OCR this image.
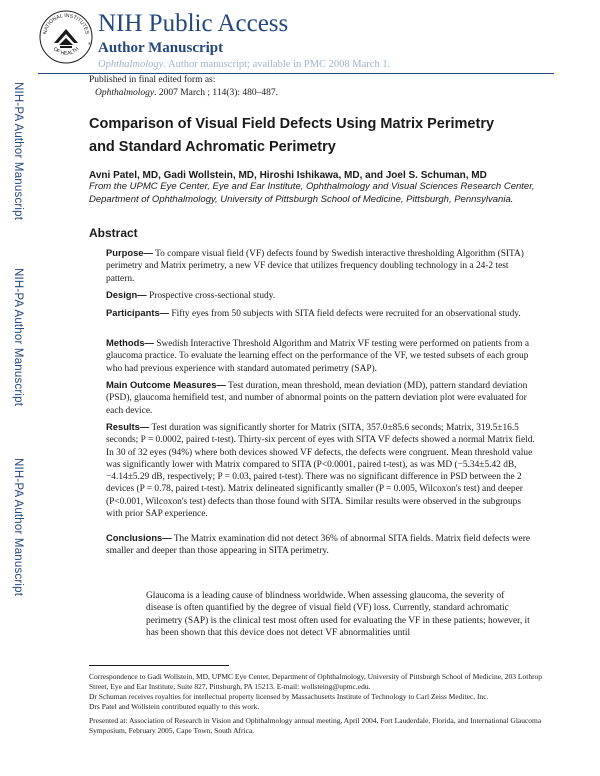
NIH-PA Author Manuscript
NIH-PA Author Manuscript
NIH-PA Author Manuscript
NATIONAL INSTITUTES
OF HEALTH
®
NIH Public Access
Author Manuscript
Ophthalmology. Author manuscript; available in PMC 2008 March 1.
Published in final edited form as:
Ophthalmology. 2007 March ; 114(3): 480–487.
Comparison of Visual Field Defects Using Matrix Perimetry and Standard Achromatic Perimetry
Avni Patel, MD, Gadi Wollstein, MD, Hiroshi Ishikawa, MD, and Joel S. Schuman, MD
From the UPMC Eye Center, Eye and Ear Institute, Ophthalmology and Visual Sciences Research Center, Department of Ophthalmology, University of Pittsburgh School of Medicine, Pittsburgh, Pennsylvania.
Abstract
Purpose— To compare visual field (VF) defects found by Swedish interactive thresholding Algorithm (SITA) perimetry and Matrix perimetry, a new VF device that utilizes frequency doubling technology in a 24-2 test pattern.
Design— Prospective cross-sectional study.
Participants— Fifty eyes from 50 subjects with SITA field defects were recruited for an observational study.
Methods— Swedish Interactive Threshold Algorithm and Matrix VF testing were performed on patients from a glaucoma practice. To evaluate the learning effect on the performance of the VF, we tested subsets of each group who had previous experience with standard automated perimetry (SAP).
Main Outcome Measures— Test duration, mean threshold, mean deviation (MD), pattern standard deviation (PSD), glaucoma hemifield test, and number of abnormal points on the pattern deviation plot were evaluated for each device.
Results— Test duration was significantly shorter for Matrix (SITA, 357.0±85.6 seconds; Matrix, 319.5±16.5 seconds; P = 0.0002, paired t-test). Thirty-six percent of eyes with SITA VF defects showed a normal Matrix field. In 30 of 32 eyes (94%) where both devices showed VF defects, the defects were congruent. Mean threshold value was significantly lower with Matrix compared to SITA (P<0.0001, paired t-test), as was MD (−5.34±5.42 dB, −4.14±5.29 dB, respectively; P = 0.03, paired t-test). There was no significant difference in PSD between the 2 devices (P = 0.78, paired t-test). Matrix delineated significantly smaller (P = 0.005, Wilcoxon's test) and deeper (P<0.001, Wilcoxon's test) defects than those found with SITA. Similar results were observed in the subgroups with prior SAP experience.
Conclusions— The Matrix examination did not detect 36% of abnormal SITA fields. Matrix field defects were smaller and deeper than those appearing in SITA perimetry.
Glaucoma is a leading cause of blindness worldwide. When assessing glaucoma, the severity of disease is often quantified by the degree of visual field (VF) loss. Currently, standard achromatic perimetry (SAP) is the clinical test most often used for evaluating the VF in these patients; however, it has been shown that this device does not detect VF abnormalities until
Correspondence to Gadi Wollstein, MD, UPMC Eye Center, Department of Ophthalmology, University of Pittsburgh School of Medicine, 203 Lothrop Street, Eye and Ear Institute, Suite 827, Pittsburgh, PA 15213. E-mail: wollsteing@upmc.edu.
Dr Schuman receives royalties for intellectual property licensed by Massachusetts Institute of Technology to Carl Zeiss Meditec, Inc.
Drs Patel and Wollstein contributed equally to this work.
Presented at: Association of Research in Vision and Ophthalmology annual meeting, April 2004, Fort Lauderdale, Florida, and International Glaucoma Symposium, February 2005, Cape Town, South Africa.
